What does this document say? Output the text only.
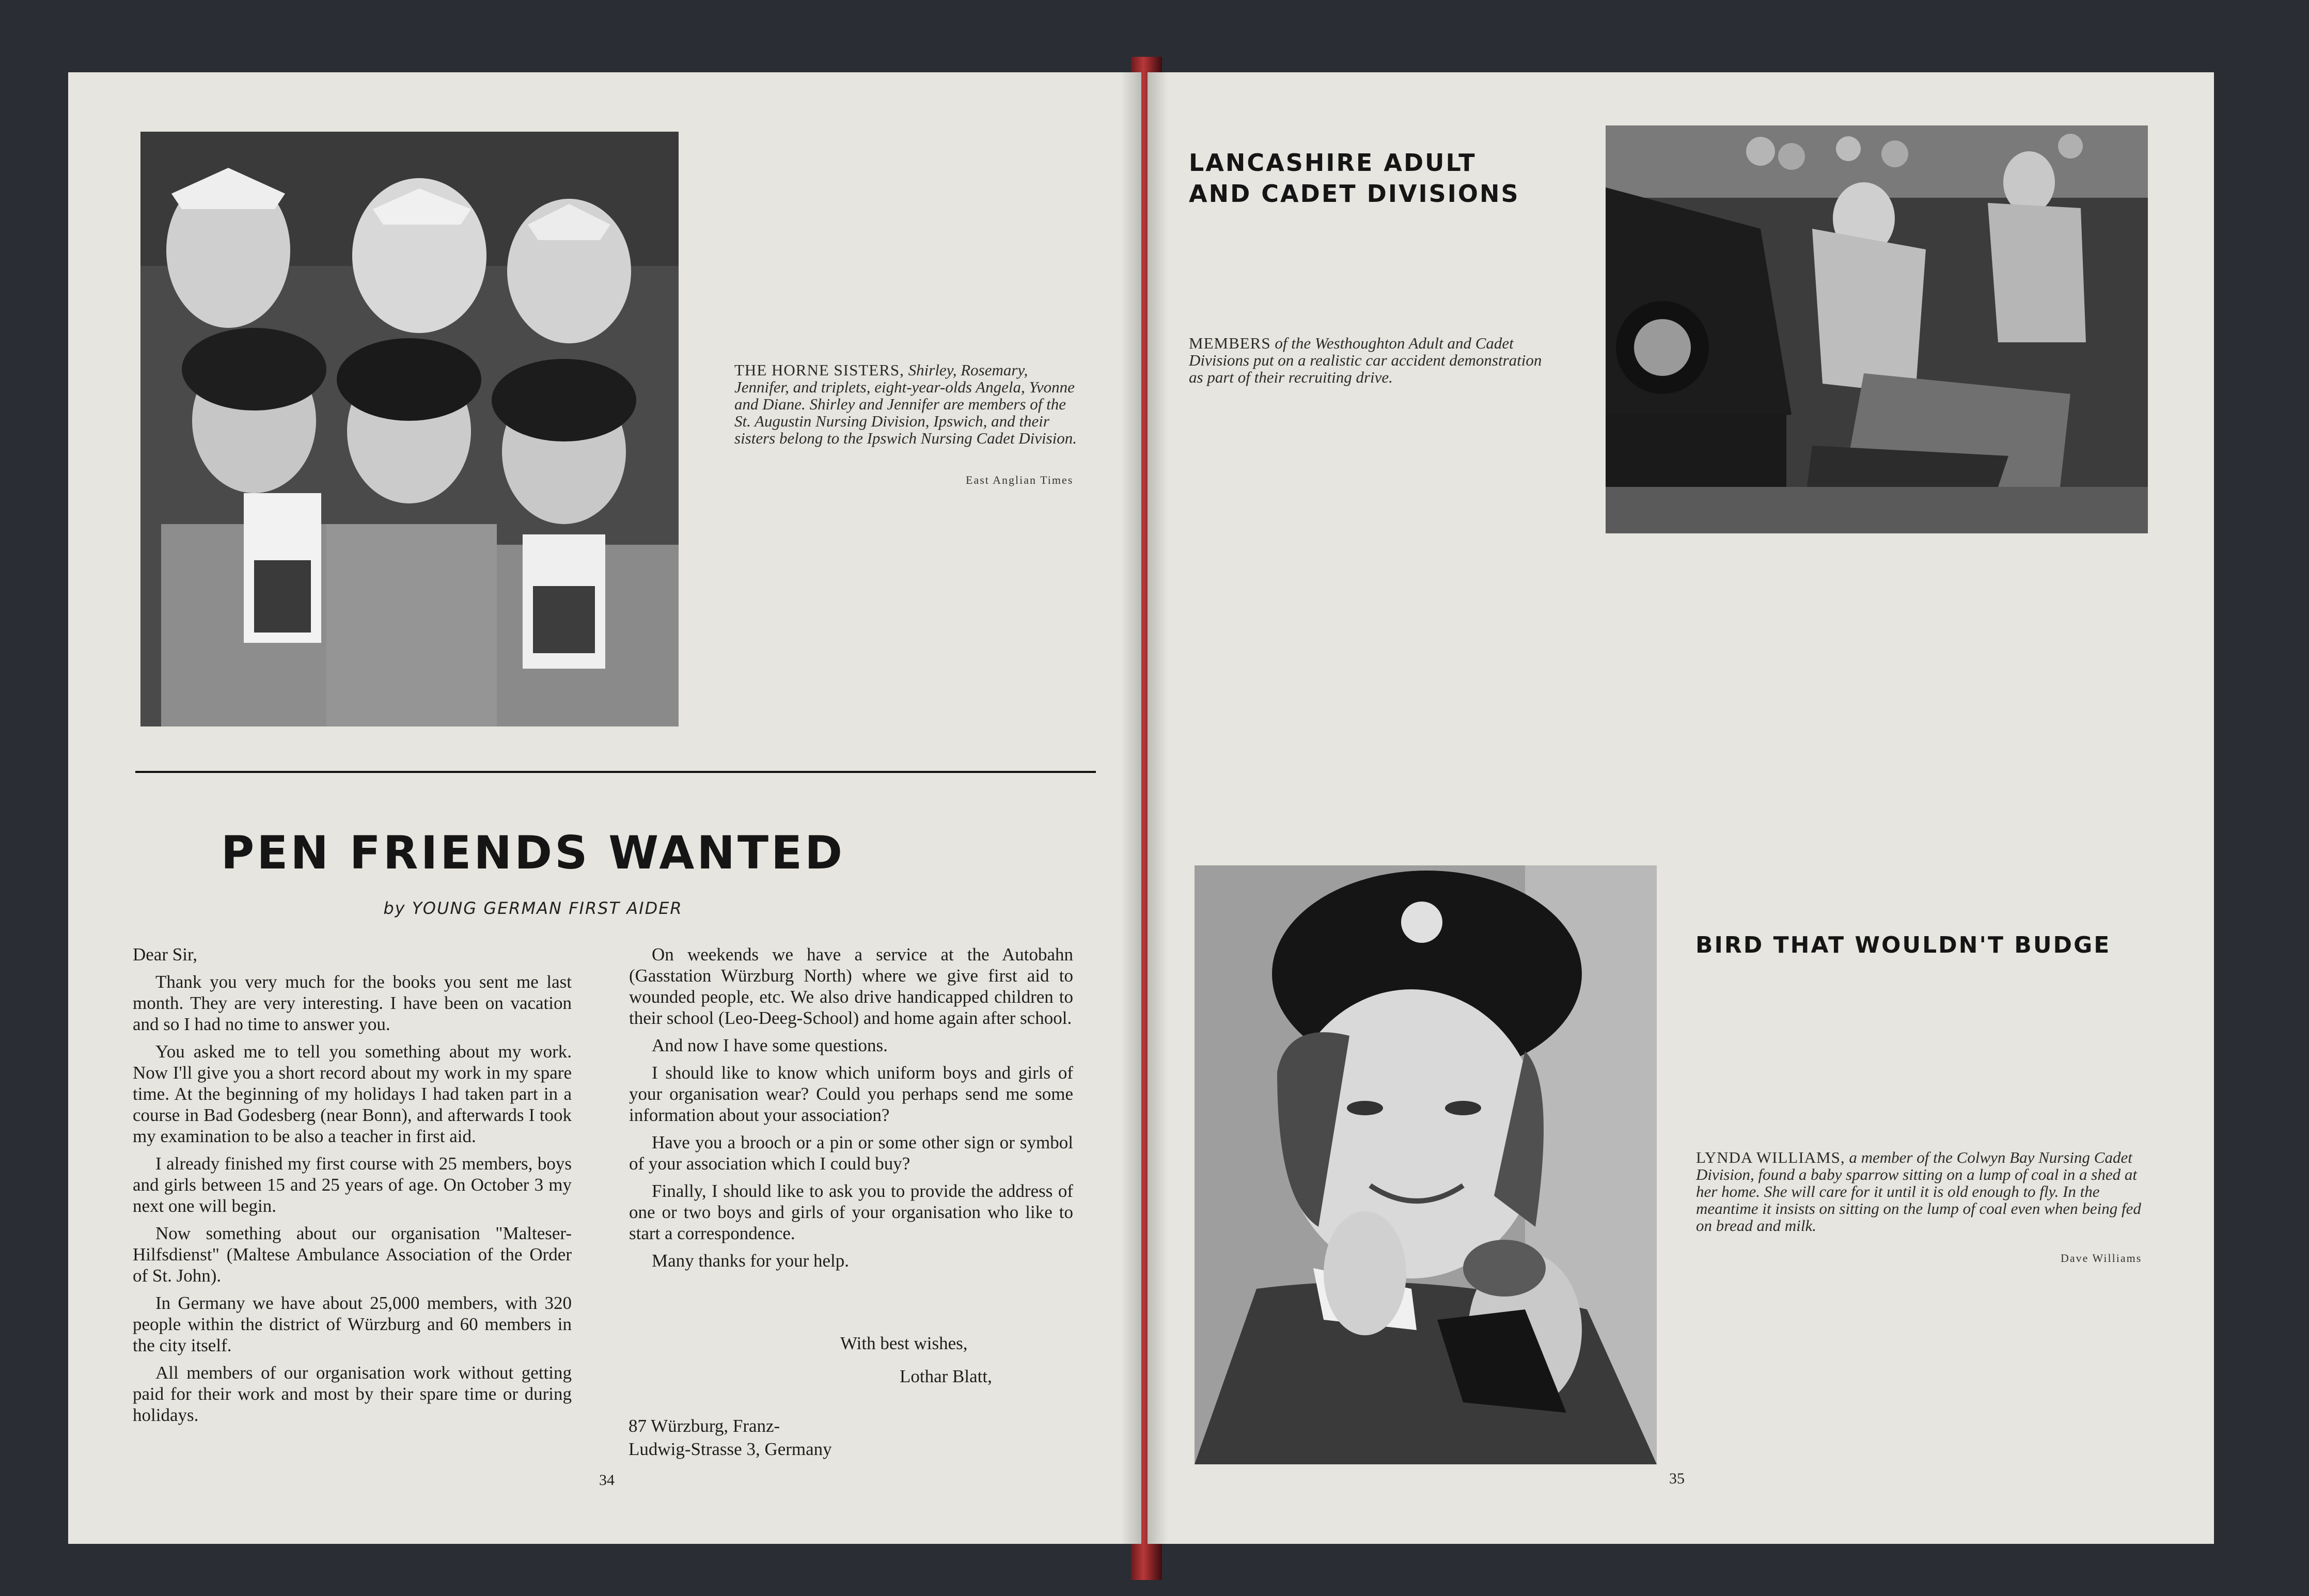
THE HORNE SISTERS, Shirley, Rosemary, Jennifer, and triplets, eight-year-olds Angela, Yvonne and Diane. Shirley and Jennifer are members of the St. Augustin Nursing Division, Ipswich, and their sisters belong to the Ipswich Nursing Cadet Division.
East Anglian Times
PEN FRIENDS WANTED
by YOUNG GERMAN FIRST AIDER

Dear Sir,

Thank you very much for the books you sent me last month. They are very interesting. I have been on vacation and so I had no time to answer you.

You asked me to tell you something about my work. Now I'll give you a short record about my work in my spare time. At the beginning of my holidays I had taken part in a course in Bad Godesberg (near Bonn), and afterwards I took my examination to be also a teacher in first aid.

I already finished my first course with 25 members, boys and girls between 15 and 25 years of age. On October 3 my next one will begin.

Now something about our organisation "Malteser-Hilfsdienst" (Maltese Ambulance Association of the Order of St. John).

In Germany we have about 25,000 members, with 320 people within the district of Würzburg and 60 members in the city itself.

All members of our organisation work without getting paid for their work and most by their spare time or during holidays.

On weekends we have a service at the Autobahn (Gasstation Würzburg North) where we give first aid to wounded people, etc. We also drive handicapped children to their school (Leo-Deeg-School) and home again after school.

And now I have some questions.

I should like to know which uniform boys and girls of your organisation wear? Could you perhaps send me some information about your association?

Have you a brooch or a pin or some other sign or symbol of your association which I could buy?

Finally, I should like to ask you to provide the address of one or two boys and girls of your organisation who like to start a correspondence.

Many thanks for your help.

With best wishes,
Lothar Blatt,
87 Würzburg, Franz-
Ludwig-Strasse 3, Germany
34
LANCASHIRE ADULT
AND CADET DIVISIONS
MEMBERS of the Westhoughton Adult and Cadet Divisions put on a realistic car accident demonstration as part of their recruiting drive.
BIRD THAT WOULDN'T BUDGE
LYNDA WILLIAMS, a member of the Colwyn Bay Nursing Cadet Division, found a baby sparrow sitting on a lump of coal in a shed at her home. She will care for it until it is old enough to fly. In the meantime it insists on sitting on the lump of coal even when being fed on bread and milk.
Dave Williams
35
